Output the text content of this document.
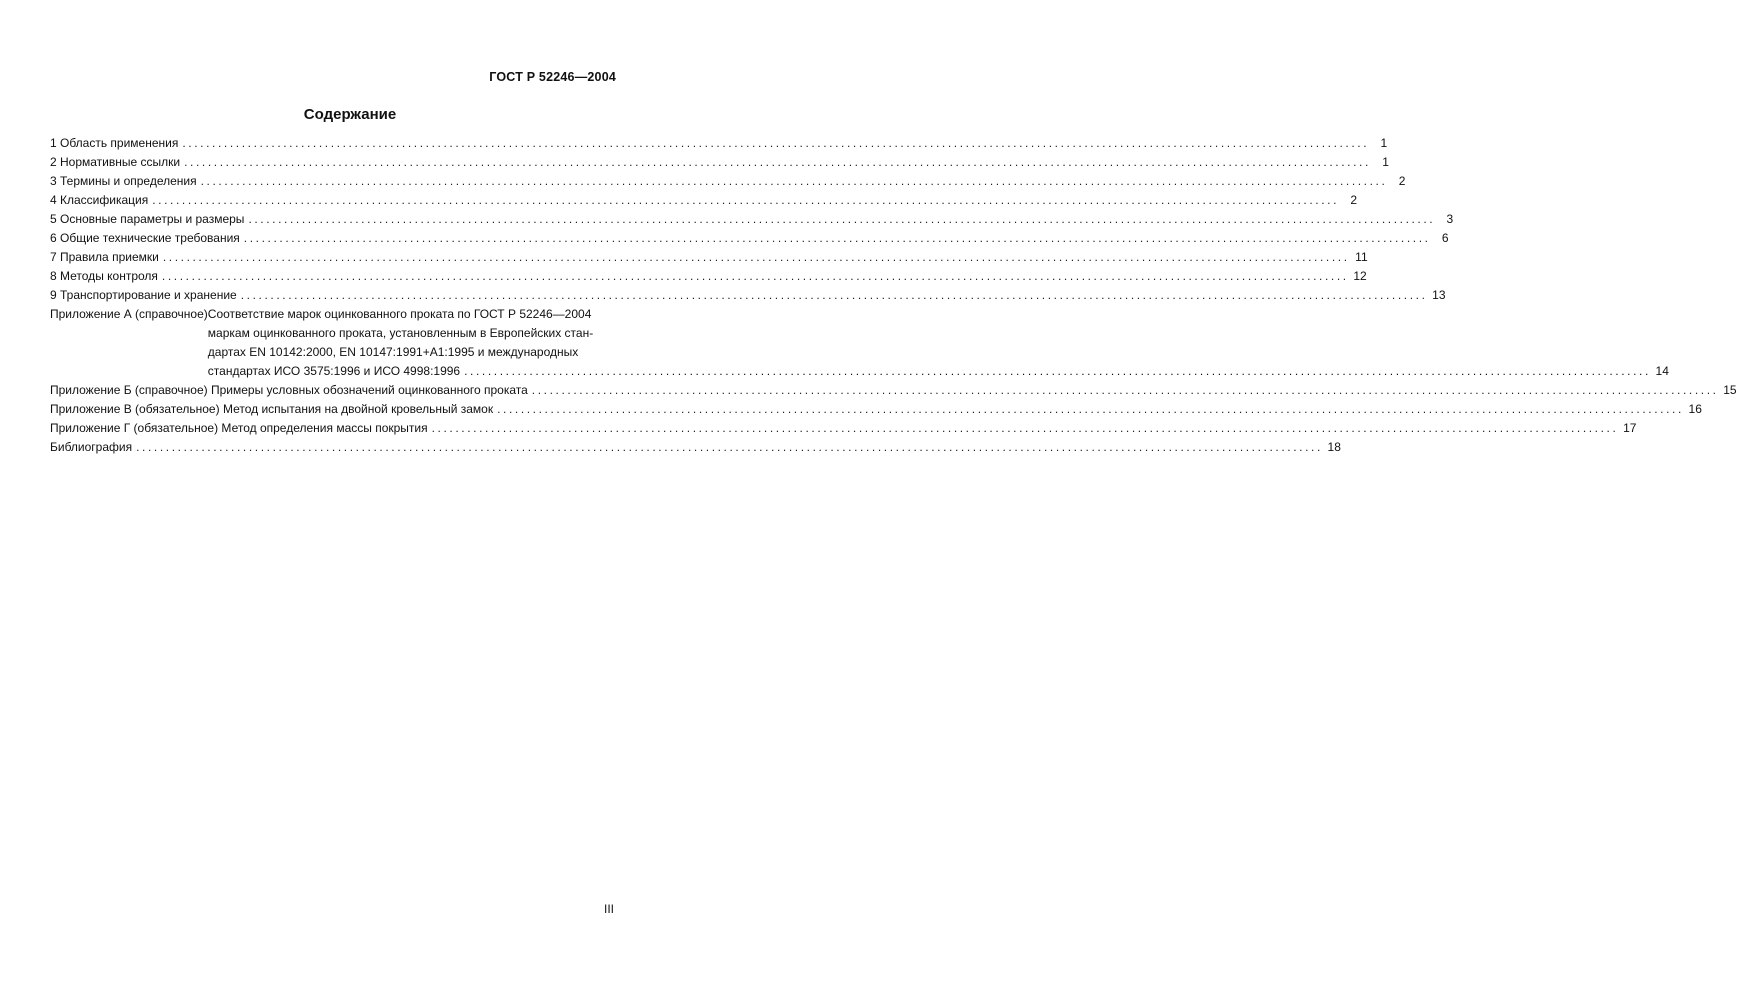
ГОСТ Р 52246—2004
Содержание
1 Область применения ........................................................................................................................................................................................................ 1
2 Нормативные ссылки ........................................................................................................................................................................................................ 1
3 Термины и определения ........................................................................................................................................................................................................ 2
4 Классификация ........................................................................................................................................................................................................ 2
5 Основные параметры и размеры ........................................................................................................................................................................................................ 3
6 Общие технические требования ........................................................................................................................................................................................................ 6
7 Правила приемки ........................................................................................................................................................................................................ 11
8 Методы контроля ........................................................................................................................................................................................................ 12
9 Транспортирование и хранение ........................................................................................................................................................................................................ 13
Приложение А (справочное) Соответствие марок оцинкованного проката по ГОСТ Р 52246—2004
маркам оцинкованного проката, установленным в Европейских стан-
дартах EN 10142:2000, EN 10147:1991+A1:1995 и международных
стандартах ИСО 3575:1996 и ИСО 4998:1996 ........................................................................................................................................................................................................ 14
Приложение Б (справочное) Примеры условных обозначений оцинкованного проката ........................................................................................................................................................................................................ 15
Приложение В (обязательное) Метод испытания на двойной кровельный замок ........................................................................................................................................................................................................ 16
Приложение Г (обязательное) Метод определения массы покрытия ........................................................................................................................................................................................................ 17
Библиография ........................................................................................................................................................................................................ 18
III
